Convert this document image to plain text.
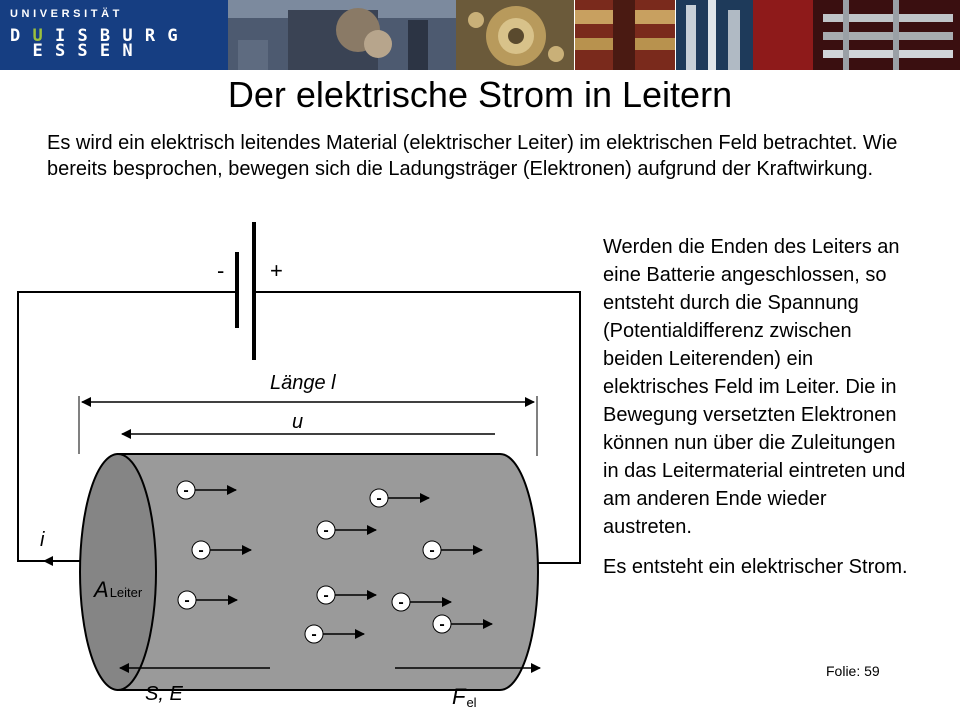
UNIVERSITÄT
D U I S B U R G
E S S E N
Der elektrische Strom in Leitern
Es wird ein elektrisch leitendes Material (elektrischer Leiter) im elektrischen Feld betrachtet. Wie bereits besprochen, bewegen sich die Ladungsträger (Elektronen) aufgrund der Kraftwirkung.

Werden die Enden des Leiters an eine Batterie angeschlossen, so entsteht durch die Spannung (Potentialdifferenz zwischen beiden Leiterenden) ein elektrisches Feld im Leiter. Die in Bewegung versetzten Elektronen können nun über die Zuleitungen in das Leitermaterial eintreten und am anderen Ende wieder austreten.

Es entsteht ein elektrischer Strom.

Folie: 59
- +
Länge l
u
i
ALeiter
-	-
-
-	-
-	-	-
-
-
S, E	Fel
